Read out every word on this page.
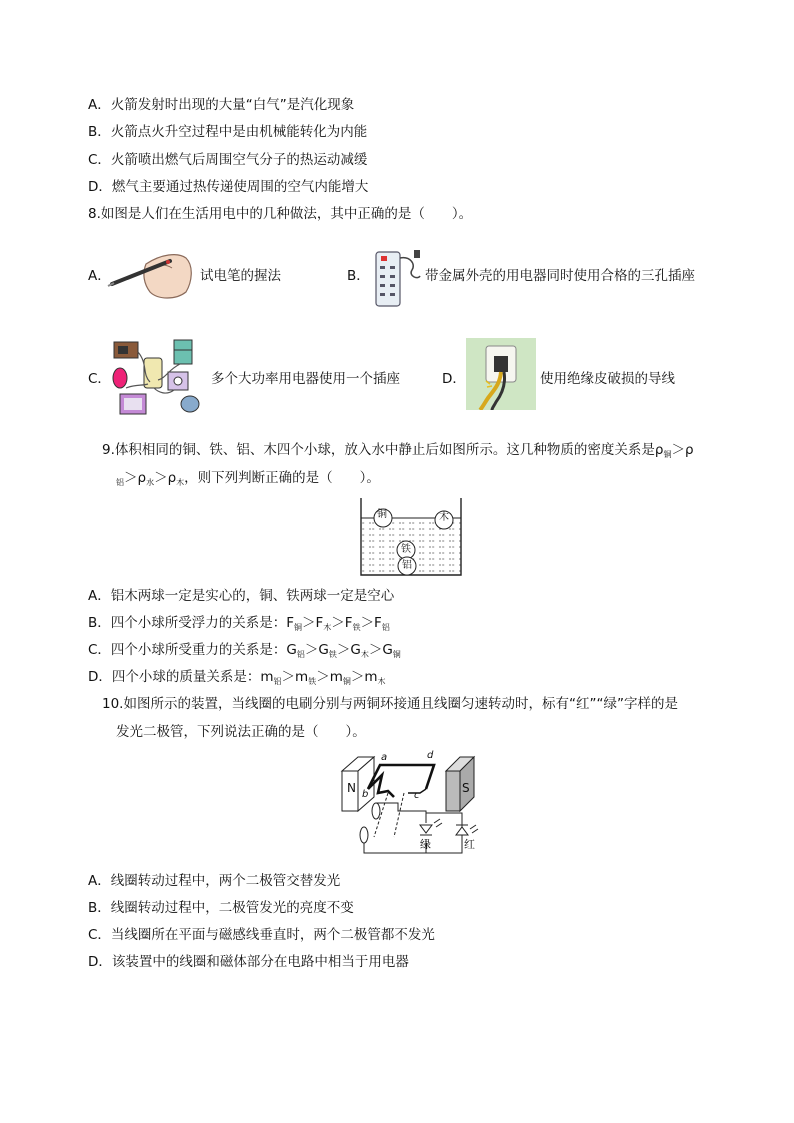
A．火箭发射时出现的大量“白气”是汽化现象
B．火箭点火升空过程中是由机械能转化为内能
C．火箭喷出燃气后周围空气分子的热运动减缓
D．燃气主要通过热传递使周围的空气内能增大
8.如图是人们在生活用电中的几种做法，其中正确的是（　　）。
A．	试电笔的握法	B．	带金属外壳的用电器同时使用合格的三孔插座
C．	多个大功率用电器使用一个插座	D．	使用绝缘皮破损的导线
9.体积相同的铜、铁、铝、木四个小球，放入水中静止后如图所示。这几种物质的密度关系是$\rho_铜>\rho$
$_铝>\rho_水>\rho_木$，则下列判断正确的是（　　）。
铜	木
铁
铝
A．铝木两球一定是实心的，铜、铁两球一定是空心
B．四个小球所受浮力的关系是：$F_铜>F_木>F_铁>F_铝$
C．四个小球所受重力的关系是：$G_铝>G_铁>G_木>G_铜$
D．四个小球的质量关系是：$m_铝>m_铁>m_铜>m_木$
10.如图所示的装置，当线圈的电刷分别与两铜环接通且线圈匀速转动时，标有“红”“绿”字样的是
发光二极管，下列说法正确的是（　　）。
N	S
a
b	c
d
绿	红
A．线圈转动过程中，两个二极管交替发光
B．线圈转动过程中，二极管发光的亮度不变
C．当线圈所在平面与磁感线垂直时，两个二极管都不发光
D．该装置中的线圈和磁体部分在电路中相当于用电器
